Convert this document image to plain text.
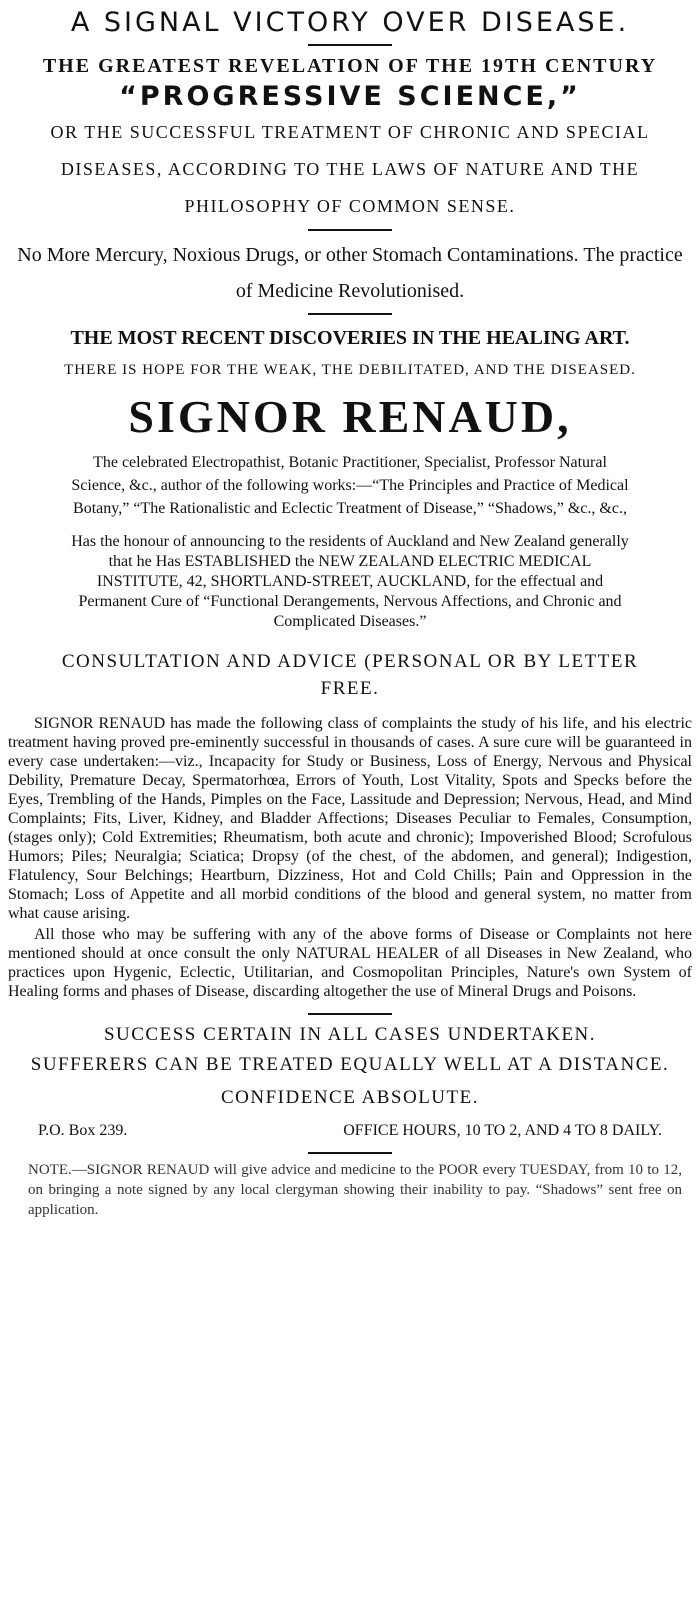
A SIGNAL VICTORY OVER DISEASE.
THE GREATEST REVELATION OF THE 19TH CENTURY
“PROGRESSIVE SCIENCE,”
OR THE SUCCESSFUL TREATMENT OF CHRONIC AND SPECIAL DISEASES, ACCORDING TO THE LAWS OF NATURE AND THE PHILOSOPHY OF COMMON SENSE.
No More Mercury, Noxious Drugs, or other Stomach Contaminations. The practice of Medicine Revolutionised.
THE MOST RECENT DISCOVERIES IN THE HEALING ART.
THERE IS HOPE FOR THE WEAK, THE DEBILITATED, AND THE DISEASED.
SIGNOR RENAUD,
The celebrated Electropathist, Botanic Practitioner, Specialist, Professor Natural Science, &c., author of the following works:—“The Principles and Practice of Medical Botany,” “The Rationalistic and Eclectic Treatment of Disease,” “Shadows,” &c., &c.,
Has the honour of announcing to the residents of Auckland and New Zealand generally that he Has ESTABLISHED the NEW ZEALAND ELECTRIC MEDICAL INSTITUTE, 42, SHORTLAND-STREET, AUCKLAND, for the effectual and Permanent Cure of “Functional Derangements, Nervous Affections, and Chronic and Complicated Diseases.”
CONSULTATION AND ADVICE (PERSONAL OR BY LETTER FREE.
SIGNOR RENAUD has made the following class of complaints the study of his life, and his electric treatment having proved pre-eminently successful in thousands of cases. A sure cure will be guaranteed in every case undertaken:—viz., Incapacity for Study or Business, Loss of Energy, Nervous and Physical Debility, Premature Decay, Spermatorhœa, Errors of Youth, Lost Vitality, Spots and Specks before the Eyes, Trembling of the Hands, Pimples on the Face, Lassitude and Depression; Nervous, Head, and Mind Complaints; Fits, Liver, Kidney, and Bladder Affections; Diseases Peculiar to Females, Consumption, (stages only); Cold Extremities; Rheumatism, both acute and chronic); Impoverished Blood; Scrofulous Humors; Piles; Neuralgia; Sciatica; Dropsy (of the chest, of the abdomen, and general); Indigestion, Flatulency, Sour Belchings; Heartburn, Dizziness, Hot and Cold Chills; Pain and Oppression in the Stomach; Loss of Appetite and all morbid conditions of the blood and general system, no matter from what cause arising.
All those who may be suffering with any of the above forms of Disease or Complaints not here mentioned should at once consult the only NATURAL HEALER of all Diseases in New Zealand, who practices upon Hygenic, Eclectic, Utilitarian, and Cosmopolitan Principles, Nature's own System of Healing forms and phases of Disease, discarding altogether the use of Mineral Drugs and Poisons.
SUCCESS CERTAIN IN ALL CASES UNDERTAKEN.
SUFFERERS CAN BE TREATED EQUALLY WELL AT A DISTANCE. CONFIDENCE ABSOLUTE.
P.O. Box 239.	OFFICE HOURS, 10 TO 2, AND 4 TO 8 DAILY.
NOTE.—SIGNOR RENAUD will give advice and medicine to the POOR every TUESDAY, from 10 to 12, on bringing a note signed by any local clergyman showing their inability to pay. “Shadows” sent free on application.
